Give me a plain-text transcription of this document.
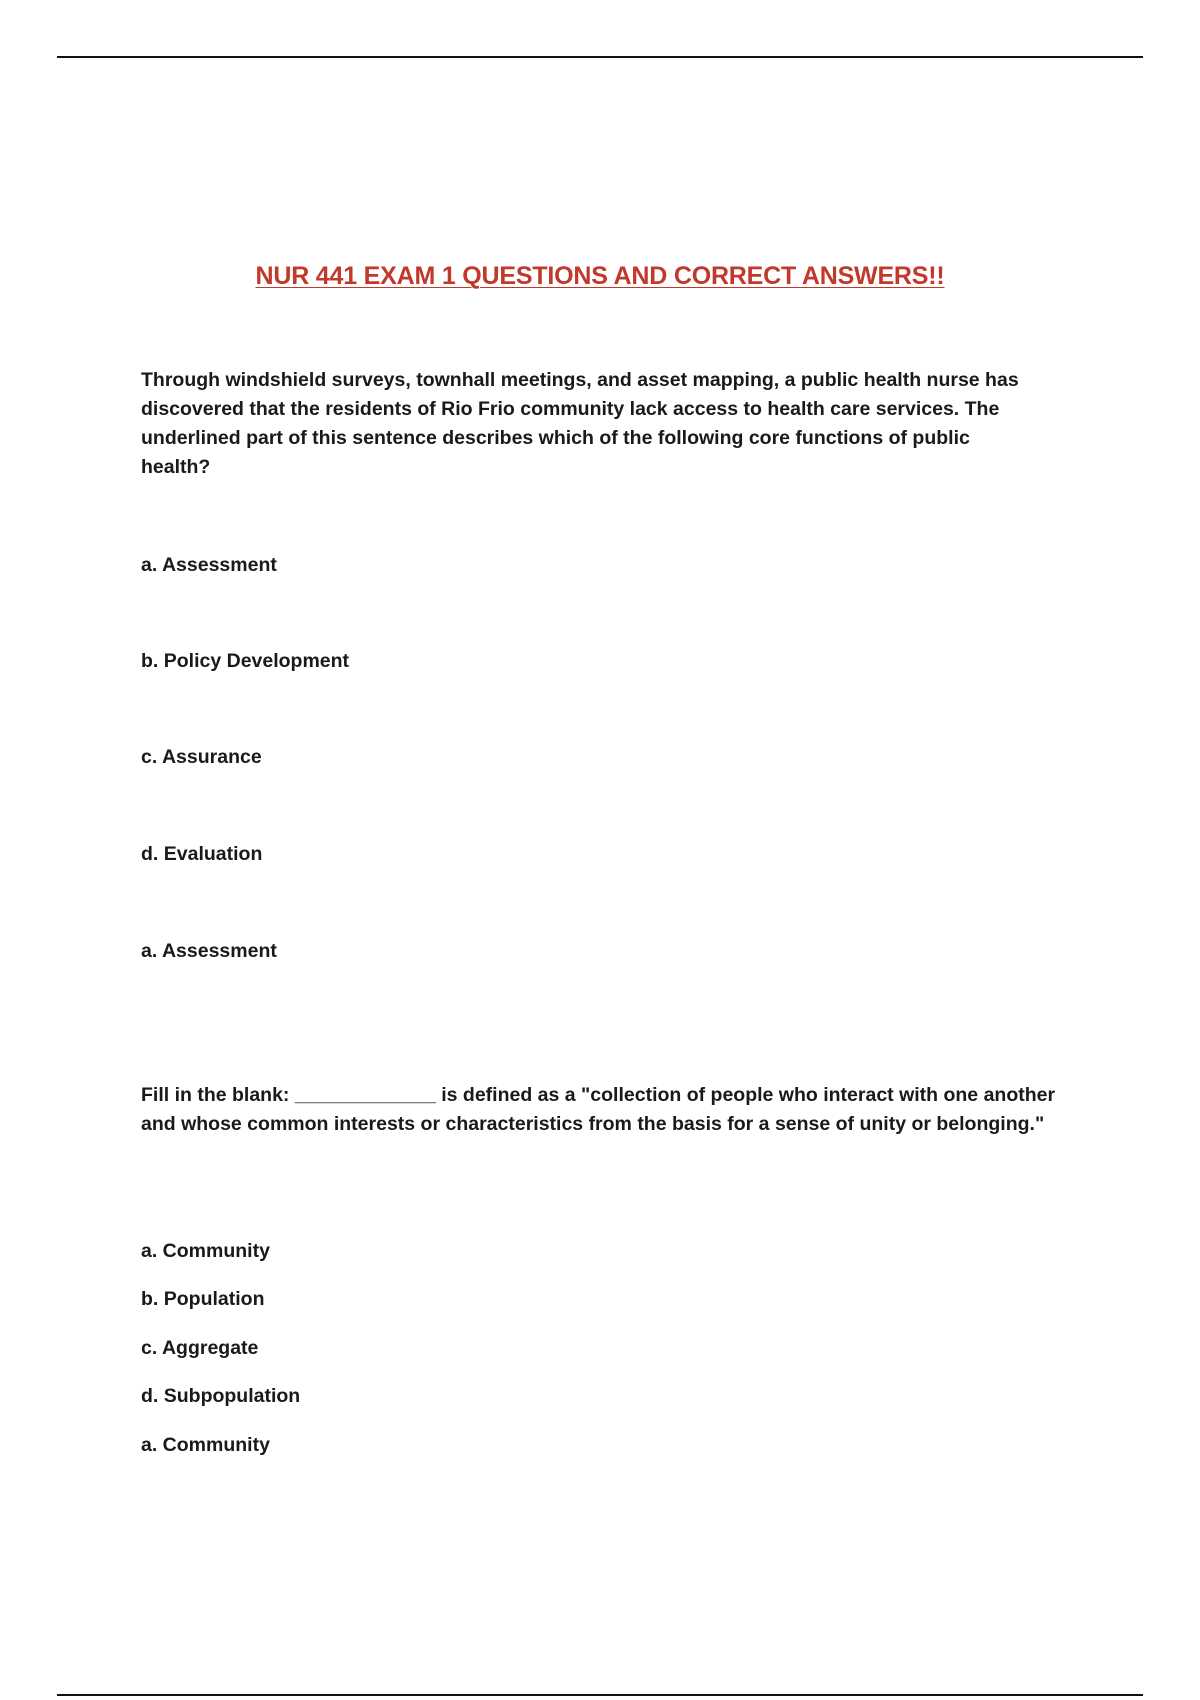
NUR 441 EXAM 1 QUESTIONS AND CORRECT ANSWERS!!
Through windshield surveys, townhall meetings, and asset mapping, a public health nurse has discovered that the residents of Rio Frio community lack access to health care services. The underlined part of this sentence describes which of the following core functions of public health?
a. Assessment
b. Policy Development
c. Assurance
d. Evaluation
a. Assessment
Fill in the blank: _____________ is defined as a "collection of people who interact with one another and whose common interests or characteristics from the basis for a sense of unity or belonging."
a. Community
b. Population
c. Aggregate
d. Subpopulation
a. Community
